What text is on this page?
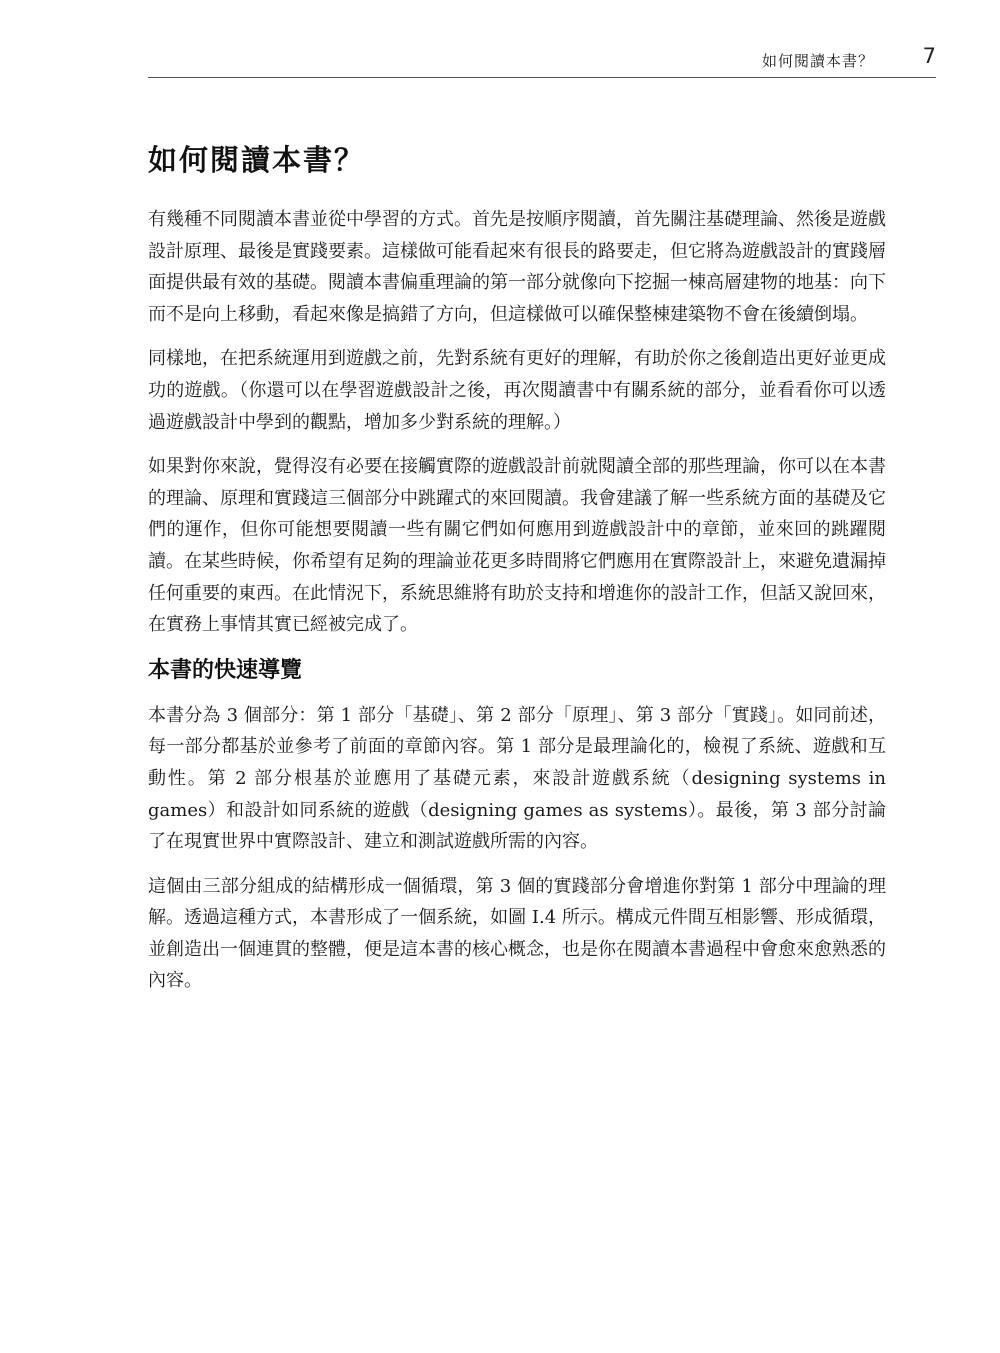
如何閱讀本書？ 7
如何閱讀本書？

有幾種不同閱讀本書並從中學習的方式。首先是按順序閱讀，首先關注基礎理論、然後是遊戲設計原理、最後是實踐要素。這樣做可能看起來有很長的路要走，但它將為遊戲設計的實踐層面提供最有效的基礎。閱讀本書偏重理論的第一部分就像向下挖掘一棟高層建物的地基：向下而不是向上移動，看起來像是搞錯了方向，但這樣做可以確保整棟建築物不會在後續倒塌。

同樣地，在把系統運用到遊戲之前，先對系統有更好的理解，有助於你之後創造出更好並更成功的遊戲。（你還可以在學習遊戲設計之後，再次閱讀書中有關系統的部分，並看看你可以透過遊戲設計中學到的觀點，增加多少對系統的理解。）

如果對你來說，覺得沒有必要在接觸實際的遊戲設計前就閱讀全部的那些理論，你可以在本書的理論、原理和實踐這三個部分中跳躍式的來回閱讀。我會建議了解一些系統方面的基礎及它們的運作，但你可能想要閱讀一些有關它們如何應用到遊戲設計中的章節，並來回的跳躍閱讀。在某些時候，你希望有足夠的理論並花更多時間將它們應用在實際設計上，來避免遺漏掉任何重要的東西。在此情況下，系統思維將有助於支持和增進你的設計工作，但話又說回來，在實務上事情其實已經被完成了。

本書的快速導覽

本書分為 3 個部分：第 1 部分「基礎」、第 2 部分「原理」、第 3 部分「實踐」。如同前述，每一部分都基於並參考了前面的章節內容。第 1 部分是最理論化的，檢視了系統、遊戲和互動性。第 2 部分根基於並應用了基礎元素，來設計遊戲系統（designing systems in games）和設計如同系統的遊戲（designing games as systems）。最後，第 3 部分討論了在現實世界中實際設計、建立和測試遊戲所需的內容。

這個由三部分組成的結構形成一個循環，第 3 個的實踐部分會增進你對第 1 部分中理論的理解。透過這種方式，本書形成了一個系統，如圖 I.4 所示。構成元件間互相影響、形成循環，並創造出一個連貫的整體，便是這本書的核心概念，也是你在閱讀本書過程中會愈來愈熟悉的內容。
